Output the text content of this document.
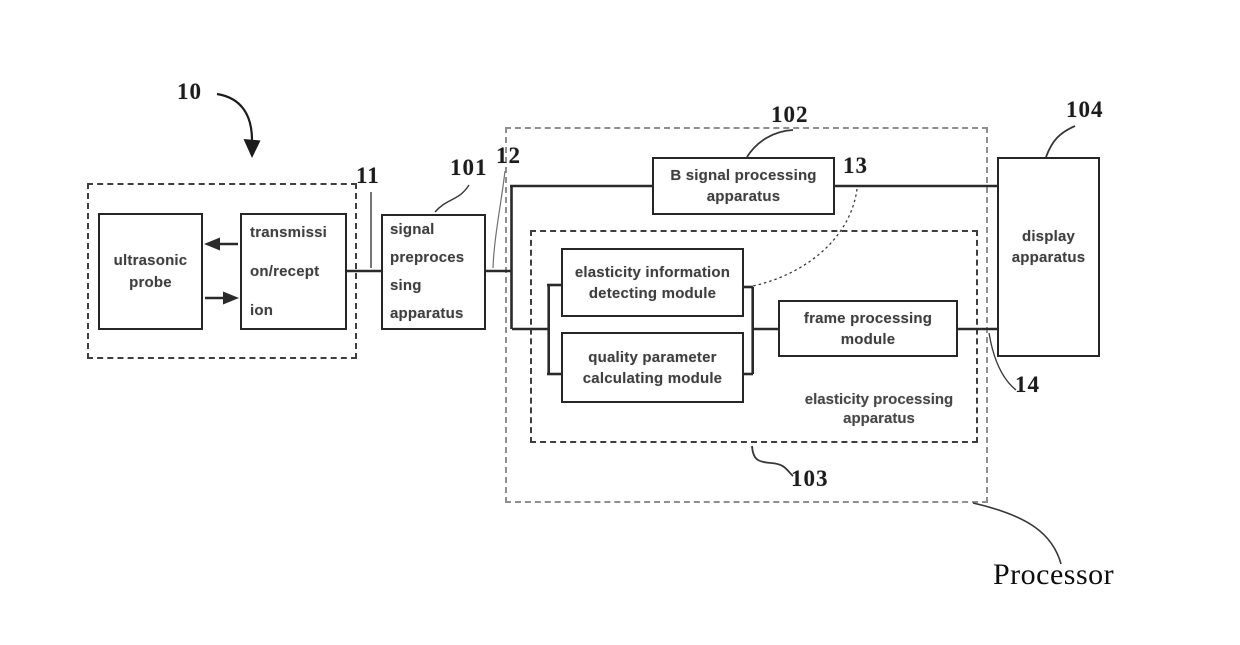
ultrasonic
probe
transmissi
on/recept
ion
signal
preproces
sing
apparatus
B signal processing
apparatus
elasticity information
detecting module
quality parameter
calculating module
frame processing
module
display
apparatus
elasticity processing apparatus
10
11
12
101
102
13
104
14
103
Processor
